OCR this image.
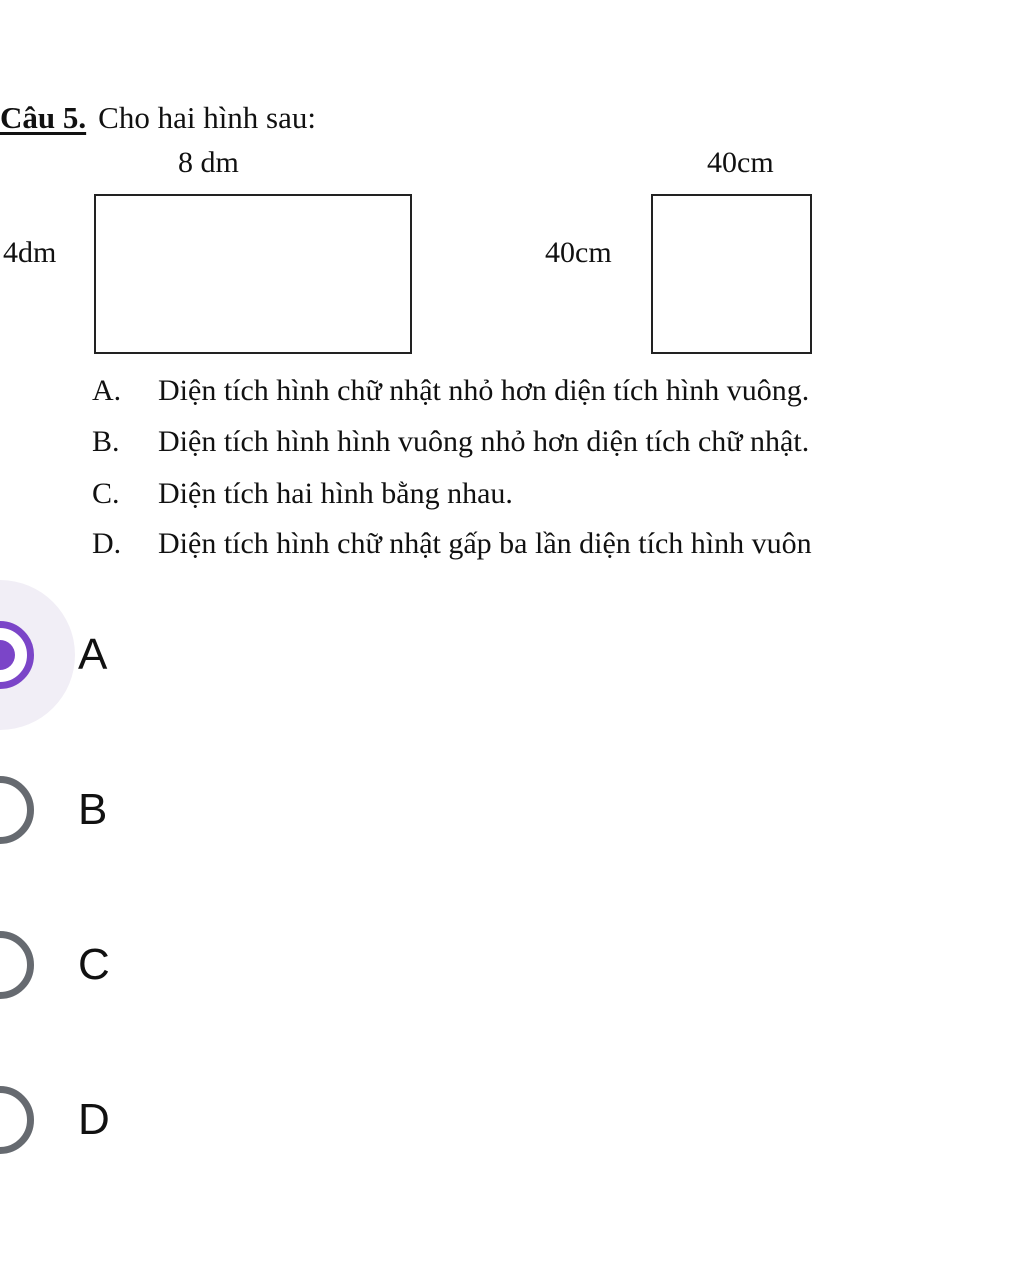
Câu 5. Cho hai hình sau:
8 dm
4dm
40cm
40cm
A. Diện tích hình chữ nhật nhỏ hơn diện tích hình vuông.
B. Diện tích hình hình vuông nhỏ hơn diện tích chữ nhật.
C. Diện tích hai hình bằng nhau.
D. Diện tích hình chữ nhật gấp ba lần diện tích hình vuôn
A
B
C
D
